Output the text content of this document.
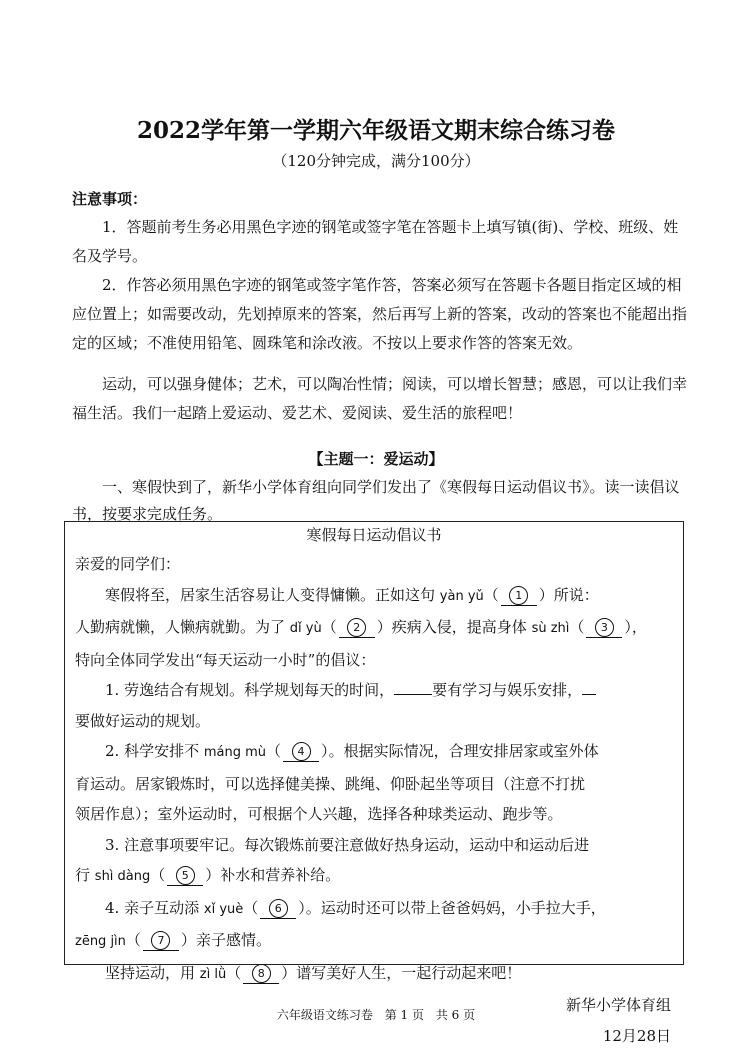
2022学年第一学期六年级语文期末综合练习卷
（120分钟完成，满分100分）
注意事项：

1．答题前考生务必用黑色字迹的钢笔或签字笔在答题卡上填写镇(街)、学校、班级、姓名及学号。

2．作答必须用黑色字迹的钢笔或签字笔作答，答案必须写在答题卡各题目指定区域的相应位置上；如需要改动，先划掉原来的答案，然后再写上新的答案，改动的答案也不能超出指定的区域；不准使用铅笔、圆珠笔和涂改液。不按以上要求作答的答案无效。

运动，可以强身健体；艺术，可以陶冶性情；阅读，可以增长智慧；感恩，可以让我们幸福生活。我们一起踏上爱运动、爱艺术、爱阅读、爱生活的旅程吧！

【主题一：爱运动】

一、寒假快到了，新华小学体育组向同学们发出了《寒假每日运动倡议书》。读一读倡议书，按要求完成任务。

寒假每日运动倡议书
亲爱的同学们：
寒假将至，居家生活容易让人变得慵懒。正如这句 yàn yǔ（ 1 ）所说：
人勤病就懒，人懒病就勤。为了 dǐ yù（ 2 ）疾病入侵，提高身体 sù zhì（ 3 ），
特向全体同学发出“每天运动一小时”的倡议：
1. 劳逸结合有规划。科学规划每天的时间，	要有学习与娱乐安排，
要做好运动的规划。
2. 科学安排不 máng mù（ 4 ）。根据实际情况，合理安排居家或室外体
育运动。居家锻炼时，可以选择健美操、跳绳、仰卧起坐等项目（注意不打扰
领居作息）；室外运动时，可根据个人兴趣，选择各种球类运动、跑步等。
3. 注意事项要牢记。每次锻炼前要注意做好热身运动，运动中和运动后进
行 shì dàng（ 5 ）补水和营养补给。
4. 亲子互动添 xǐ yuè（ 6 ）。运动时还可以带上爸爸妈妈，小手拉大手，
zēng jìn（ 7 ）亲子感情。
坚持运动，用 zì lǜ（ 8 ）谱写美好人生，一起行动起来吧！
新华小学体育组
12月28日
六年级语文练习卷 第 1 页 共 6 页
